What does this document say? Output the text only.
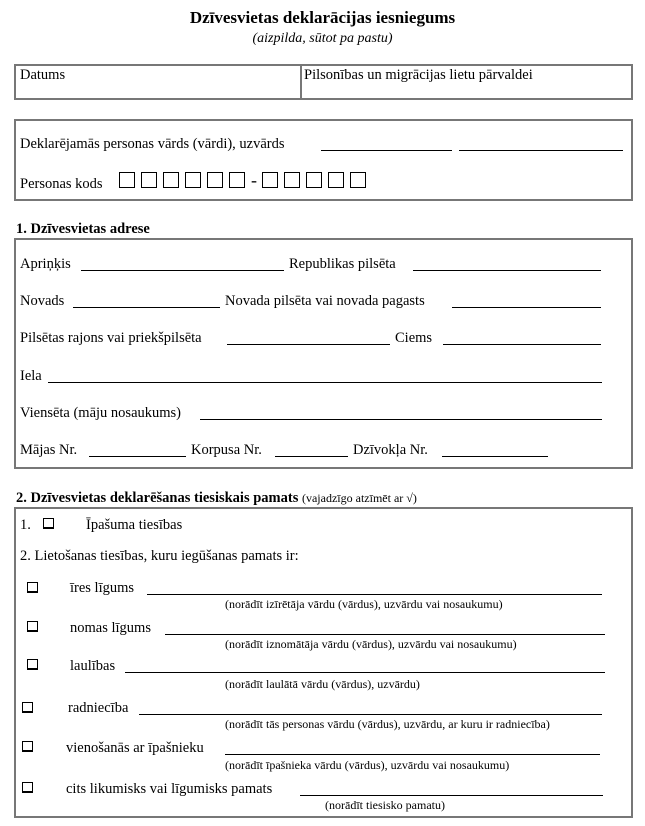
Dzīvesvietas deklarācijas iesniegums
(aizpilda, sūtot pa pastu)
Datums	Pilsonības un migrācijas lietu pārvaldei
Deklarējamās personas vārds (vārdi), uzvārds
Personas kods	-
1. Dzīvesvietas adrese
Apriņķis	Republikas pilsēta
Novads	Novada pilsēta vai novada pagasts
Pilsētas rajons vai priekšpilsēta	Ciems
Iela
Viensēta (māju nosaukums)
Mājas Nr.	Korpusa Nr.	Dzīvokļa Nr.
2. Dzīvesvietas deklarēšanas tiesiskais pamats (vajadzīgo atzīmēt ar √)
1.	Īpašuma tiesības
2. Lietošanas tiesības, kuru iegūšanas pamats ir:
īres līgums
(norādīt izīrētāja vārdu (vārdus), uzvārdu vai nosaukumu)
nomas līgums
(norādīt iznomātāja vārdu (vārdus), uzvārdu vai nosaukumu)
laulības
(norādīt laulātā vārdu (vārdus), uzvārdu)
radniecība
(norādīt tās personas vārdu (vārdus), uzvārdu, ar kuru ir radniecība)
vienošanās ar īpašnieku
(norādīt īpašnieka vārdu (vārdus), uzvārdu vai nosaukumu)
cits likumisks vai līgumisks pamats
(norādīt tiesisko pamatu)
